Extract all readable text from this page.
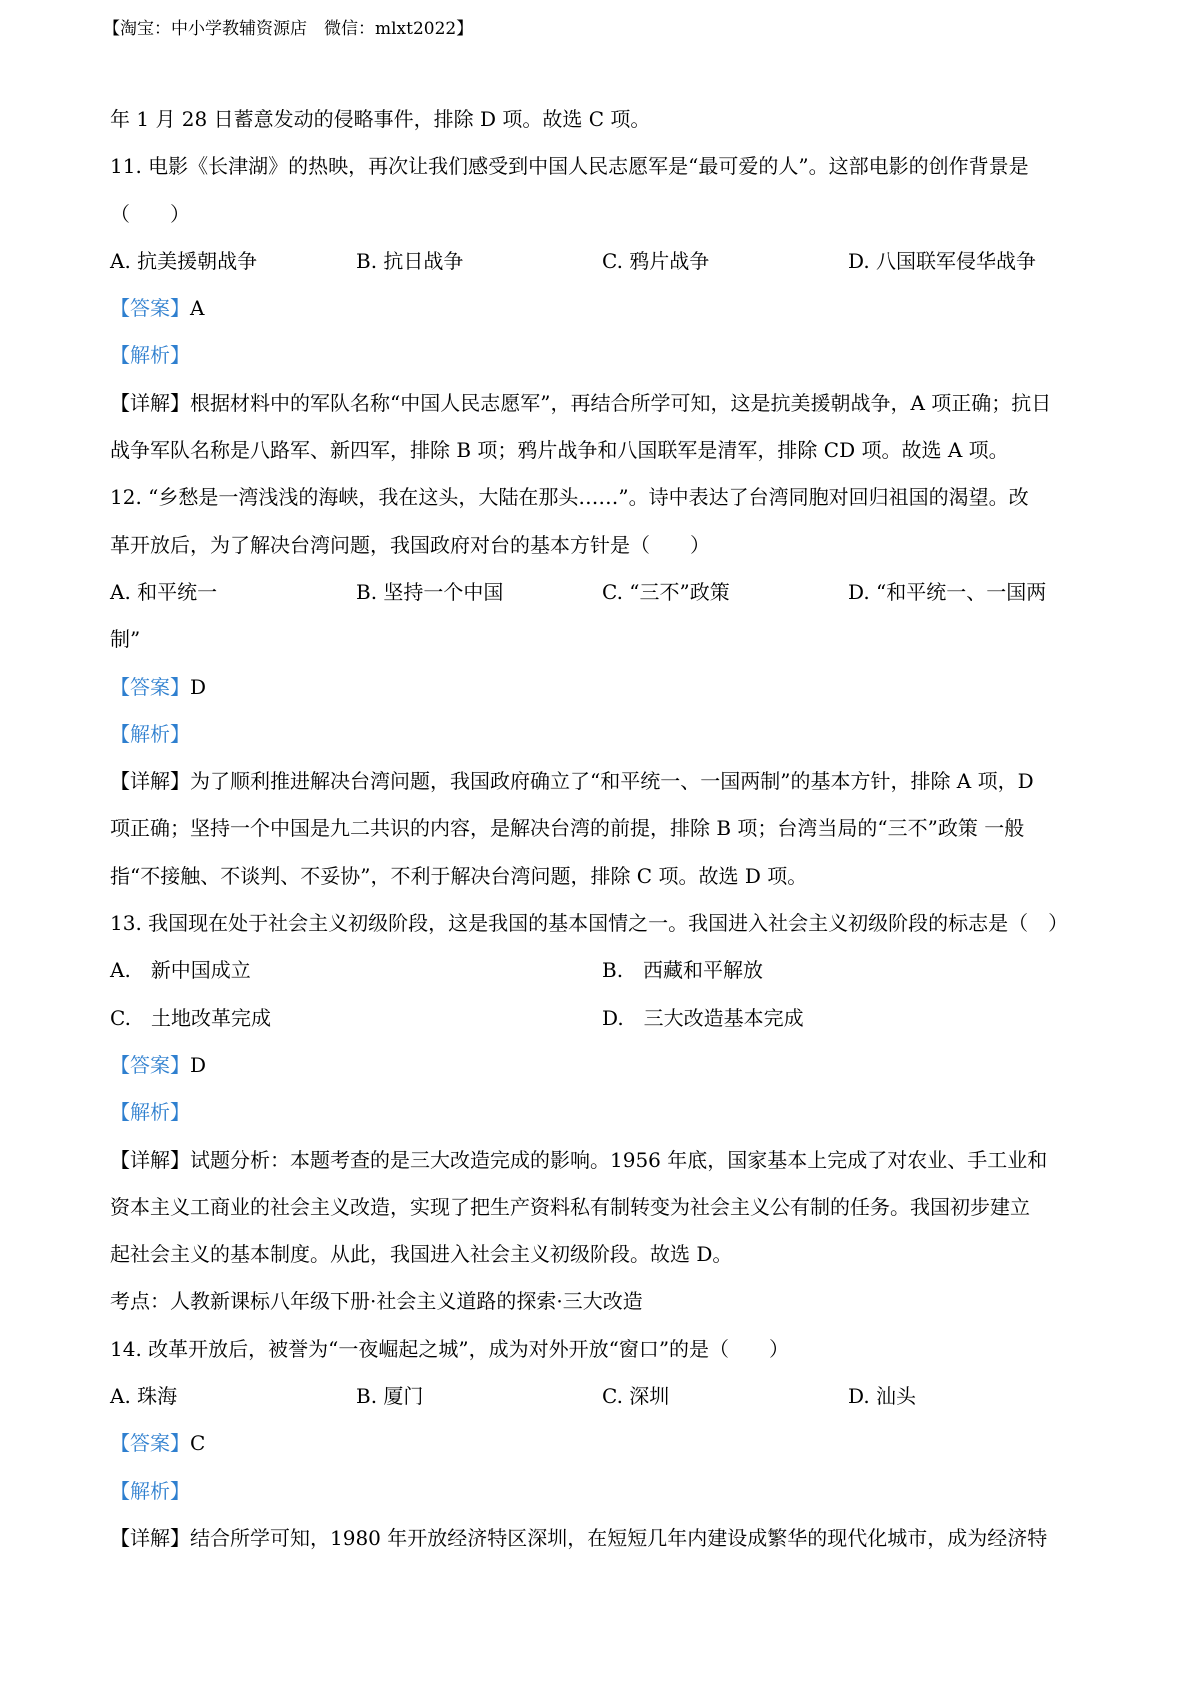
【淘宝：中小学教辅资源店　微信：mlxt2022】
年 1 月 28 日蓄意发动的侵略事件，排除 D 项。故选 C 项。
11. 电影《长津湖》的热映，再次让我们感受到中国人民志愿军是“最可爱的人”。这部电影的创作背景是
（　　）
A. 抗美援朝战争	B. 抗日战争	C. 鸦片战争	D. 八国联军侵华战争
【答案】A
【解析】
【详解】根据材料中的军队名称“中国人民志愿军”，再结合所学可知，这是抗美援朝战争，A 项正确；抗日
战争军队名称是八路军、新四军，排除 B 项；鸦片战争和八国联军是清军，排除 CD 项。故选 A 项。
12. “乡愁是一湾浅浅的海峡，我在这头，大陆在那头……”。诗中表达了台湾同胞对回归祖国的渴望。改
革开放后，为了解决台湾问题，我国政府对台的基本方针是（　　）
A. 和平统一	B. 坚持一个中国	C. “三不”政策	D. “和平统一、一国两
制”
【答案】D
【解析】
【详解】为了顺利推进解决台湾问题，我国政府确立了“和平统一、一国两制”的基本方针，排除 A 项，D
项正确；坚持一个中国是九二共识的内容，是解决台湾的前提，排除 B 项；台湾当局的“三不”政策 一般
指“不接触、不谈判、不妥协”，不利于解决台湾问题，排除 C 项。故选 D 项。
13. 我国现在处于社会主义初级阶段，这是我国的基本国情之一。我国进入社会主义初级阶段的标志是（　）
A.　新中国成立	B.　西藏和平解放
C.　土地改革完成	D.　三大改造基本完成
【答案】D
【解析】
【详解】试题分析：本题考查的是三大改造完成的影响。1956 年底，国家基本上完成了对农业、手工业和
资本主义工商业的社会主义改造，实现了把生产资料私有制转变为社会主义公有制的任务。我国初步建立
起社会主义的基本制度。从此，我国进入社会主义初级阶段。故选 D。
考点：人教新课标八年级下册·社会主义道路的探索·三大改造
14. 改革开放后，被誉为“一夜崛起之城”，成为对外开放“窗口”的是（　　）
A. 珠海	B. 厦门	C. 深圳	D. 汕头
【答案】C
【解析】
【详解】结合所学可知，1980 年开放经济特区深圳，在短短几年内建设成繁华的现代化城市，成为经济特
